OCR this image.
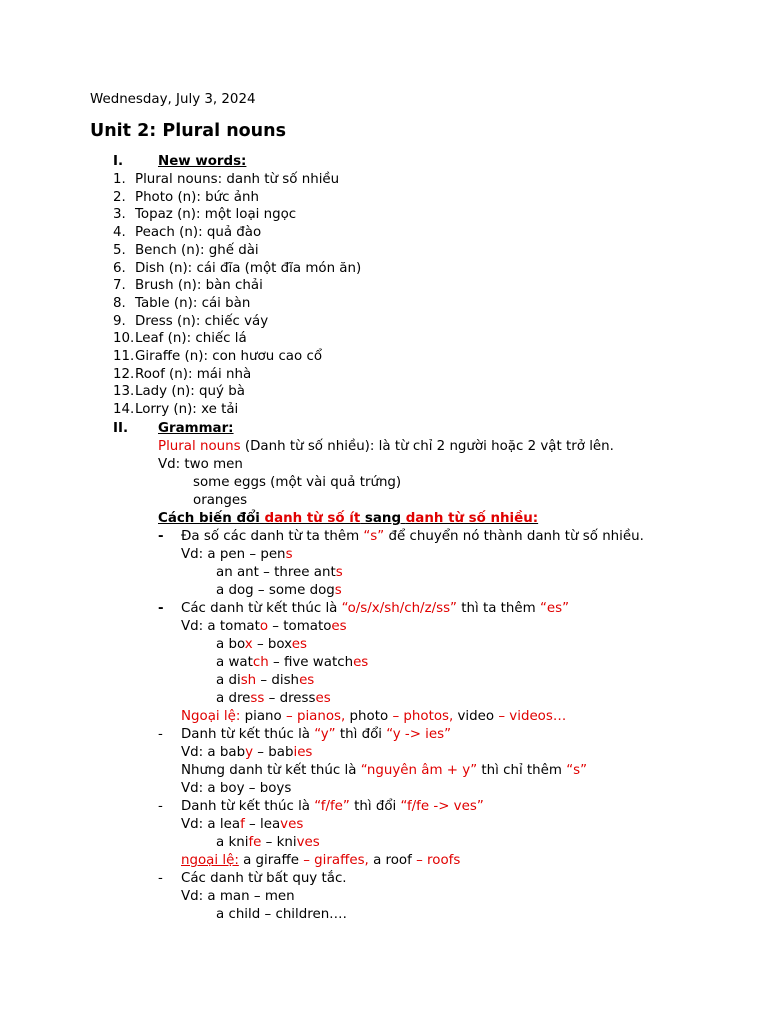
Wednesday, July 3, 2024
Unit 2: Plural nouns
I.	New words:
1. Plural nouns: danh từ số nhiều
2. Photo (n): bức ảnh
3. Topaz (n): một loại ngọc
4. Peach (n): quả đào
5. Bench (n): ghế dài
6. Dish (n): cái đĩa (một đĩa món ăn)
7. Brush (n): bàn chải
8. Table (n): cái bàn
9. Dress (n): chiếc váy
10.Leaf (n): chiếc lá
11.Giraffe (n): con hươu cao cổ
12.Roof (n): mái nhà
13.Lady (n): quý bà
14.Lorry (n): xe tải
II. Grammar:
Plural nouns (Danh từ số nhiều): là từ chỉ 2 người hoặc 2 vật trở lên.
Vd: two men
some eggs (một vài quả trứng)
oranges
Cách biến đổi danh từ số ít sang danh từ số nhiều:
- Đa số các danh từ ta thêm “s” để chuyển nó thành danh từ số nhiều.
Vd: a pen – pens
an ant – three ants
a dog – some dogs
- Các danh từ kết thúc là “o/s/x/sh/ch/z/ss” thì ta thêm “es”
Vd: a tomato – tomatoes
a box – boxes
a watch – five watches
a dish – dishes
a dress – dresses
Ngoại lệ: piano – pianos, photo – photos, video – videos…
- Danh từ kết thúc là “y” thì đổi “y -> ies”
Vd: a baby – babies
Nhưng danh từ kết thúc là “nguyên âm + y” thì chỉ thêm “s”
Vd: a boy – boys
- Danh từ kết thúc là “f/fe” thì đổi “f/fe -> ves”
Vd: a leaf – leaves
a knife – knives
ngoại lệ: a giraffe – giraffes, a roof – roofs
- Các danh từ bất quy tắc.
Vd: a man – men
a child – children….
